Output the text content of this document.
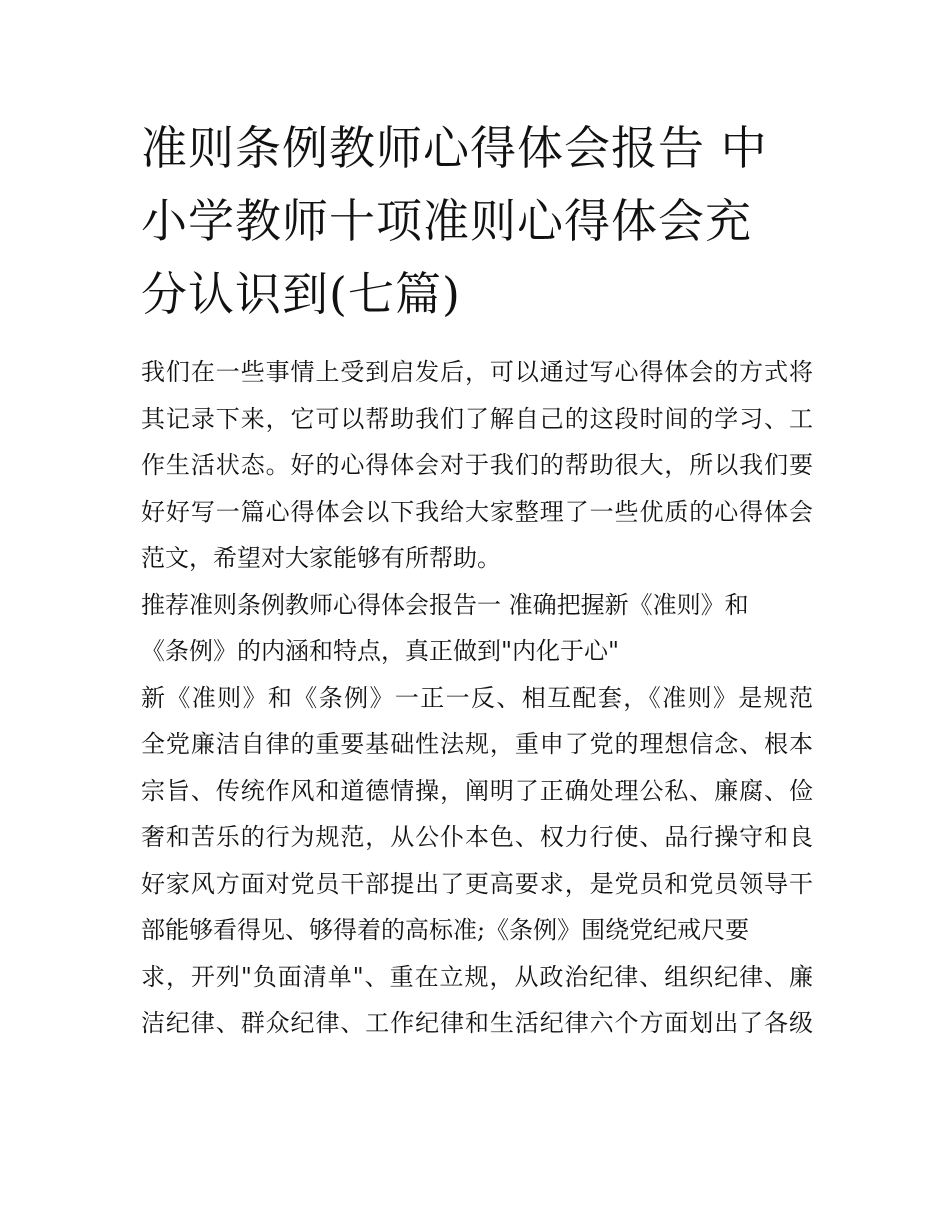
准则条例教师心得体会报告 中
小学教师十项准则心得体会充
分认识到(七篇)

我们在一些事情上受到启发后，可以通过写心得体会的方式将
其记录下来，它可以帮助我们了解自己的这段时间的学习、工
作生活状态。好的心得体会对于我们的帮助很大，所以我们要
好好写一篇心得体会以下我给大家整理了一些优质的心得体会
范文，希望对大家能够有所帮助。

推荐准则条例教师心得体会报告一 准确把握新《准则》和
《条例》的内涵和特点，真正做到"内化于心"

新《准则》和《条例》一正一反、相互配套，《准则》是规范
全党廉洁自律的重要基础性法规，重申了党的理想信念、根本
宗旨、传统作风和道德情操，阐明了正确处理公私、廉腐、俭
奢和苦乐的行为规范，从公仆本色、权力行使、品行操守和良
好家风方面对党员干部提出了更高要求，是党员和党员领导干
部能够看得见、够得着的高标准;《条例》围绕党纪戒尺要
求，开列"负面清单"、重在立规，从政治纪律、组织纪律、廉
洁纪律、群众纪律、工作纪律和生活纪律六个方面划出了各级
